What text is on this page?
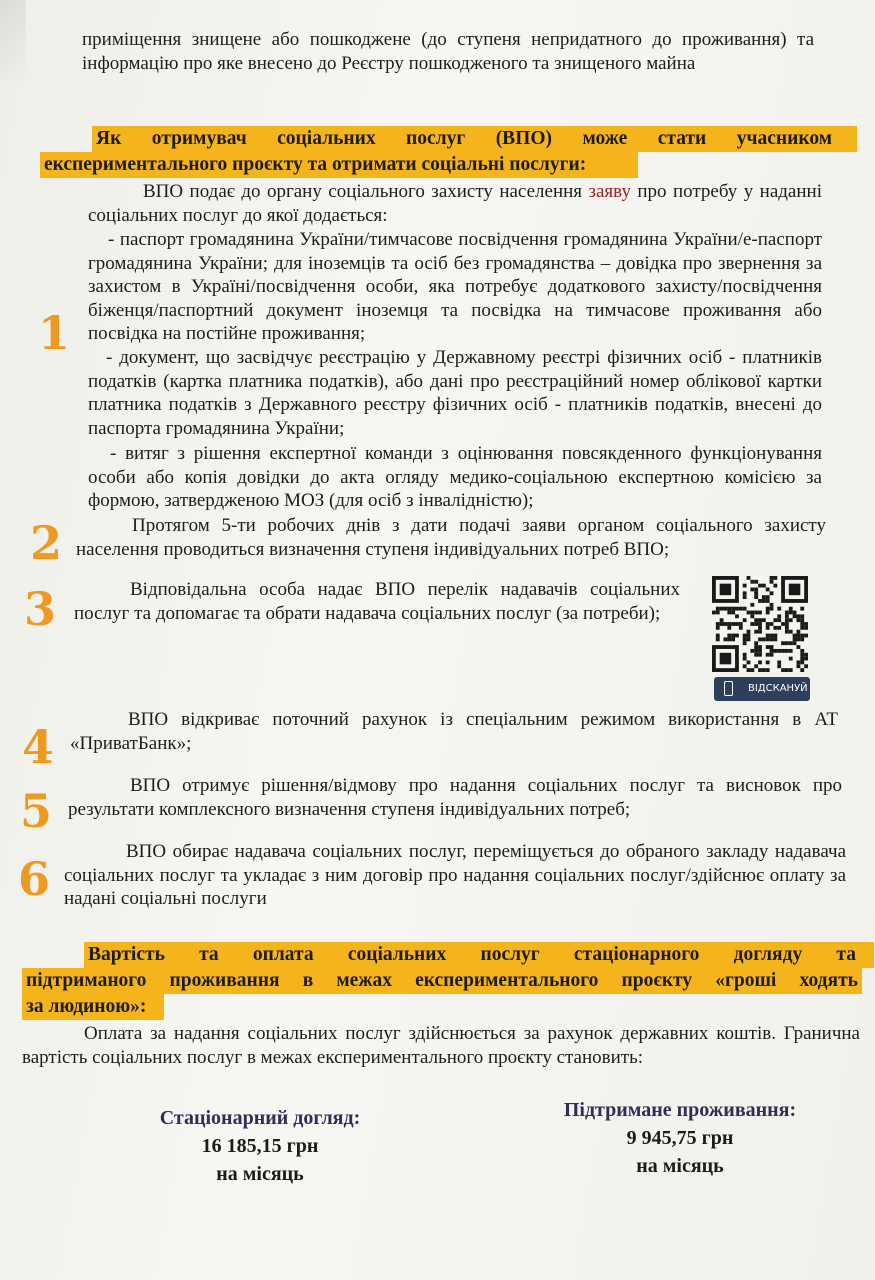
приміщення знищене або пошкоджене (до ступеня непридатного до проживання) та інформацію про яке внесено до Реєстру пошкодженого та знищеного майна
Як отримувач соціальних послуг (ВПО) може стати учасником
експериментального проєкту та отримати соціальні послуги:
1
ВПО подає до органу соціального захисту населення заяву про потребу у наданні соціальних послуг до якої додається:
- паспорт громадянина України/тимчасове посвідчення громадянина України/е-паспорт громадянина України; для іноземців та осіб без громадянства – довідка про звернення за захистом в Україні/посвідчення особи, яка потребує додаткового захисту/посвідчення біженця/паспортний документ іноземця та посвідка на тимчасове проживання або посвідка на постійне проживання;
- документ, що засвідчує реєстрацію у Державному реєстрі фізичних осіб - платників податків (картка платника податків), або дані про реєстраційний номер облікової картки платника податків з Державного реєстру фізичних осіб - платників податків, внесені до паспорта громадянина України;
- витяг з рішення експертної команди з оцінювання повсякденного функціонування особи або копія довідки до акта огляду медико-соціальною експертною комісією за формою, затвердженою МОЗ (для осіб з інвалідністю);
2	Протягом 5-ти робочих днів з дати подачі заяви органом соціального захисту населення проводиться визначення ступеня індивідуальних потреб ВПО;
3	Відповідальна особа надає ВПО перелік надавачів соціальних послуг та допомагає та обрати надавача соціальних послуг (за потреби);
ВІДСКАНУЙ
4
ВПО відкриває поточний рахунок із спеціальним режимом використання в АТ «ПриватБанк»;
5	ВПО отримує рішення/відмову про надання соціальних послуг та висновок про результати комплексного визначення ступеня індивідуальних потреб;
6
ВПО обирає надавача соціальних послуг, переміщується до обраного закладу надавача соціальних послуг та укладає з ним договір про надання соціальних послуг/здійснює оплату за надані соціальні послуги
Вартість та оплата соціальних послуг стаціонарного догляду та
підтриманого проживання в межах експериментального проєкту «гроші ходять
за людиною»:
Оплата за надання соціальних послуг здійснюється за рахунок державних коштів. Гранична вартість соціальних послуг в межах експериментального проєкту становить:
Стаціонарний догляд:
16 185,15 грн
на місяць
Підтримане проживання:
9 945,75 грн
на місяць
